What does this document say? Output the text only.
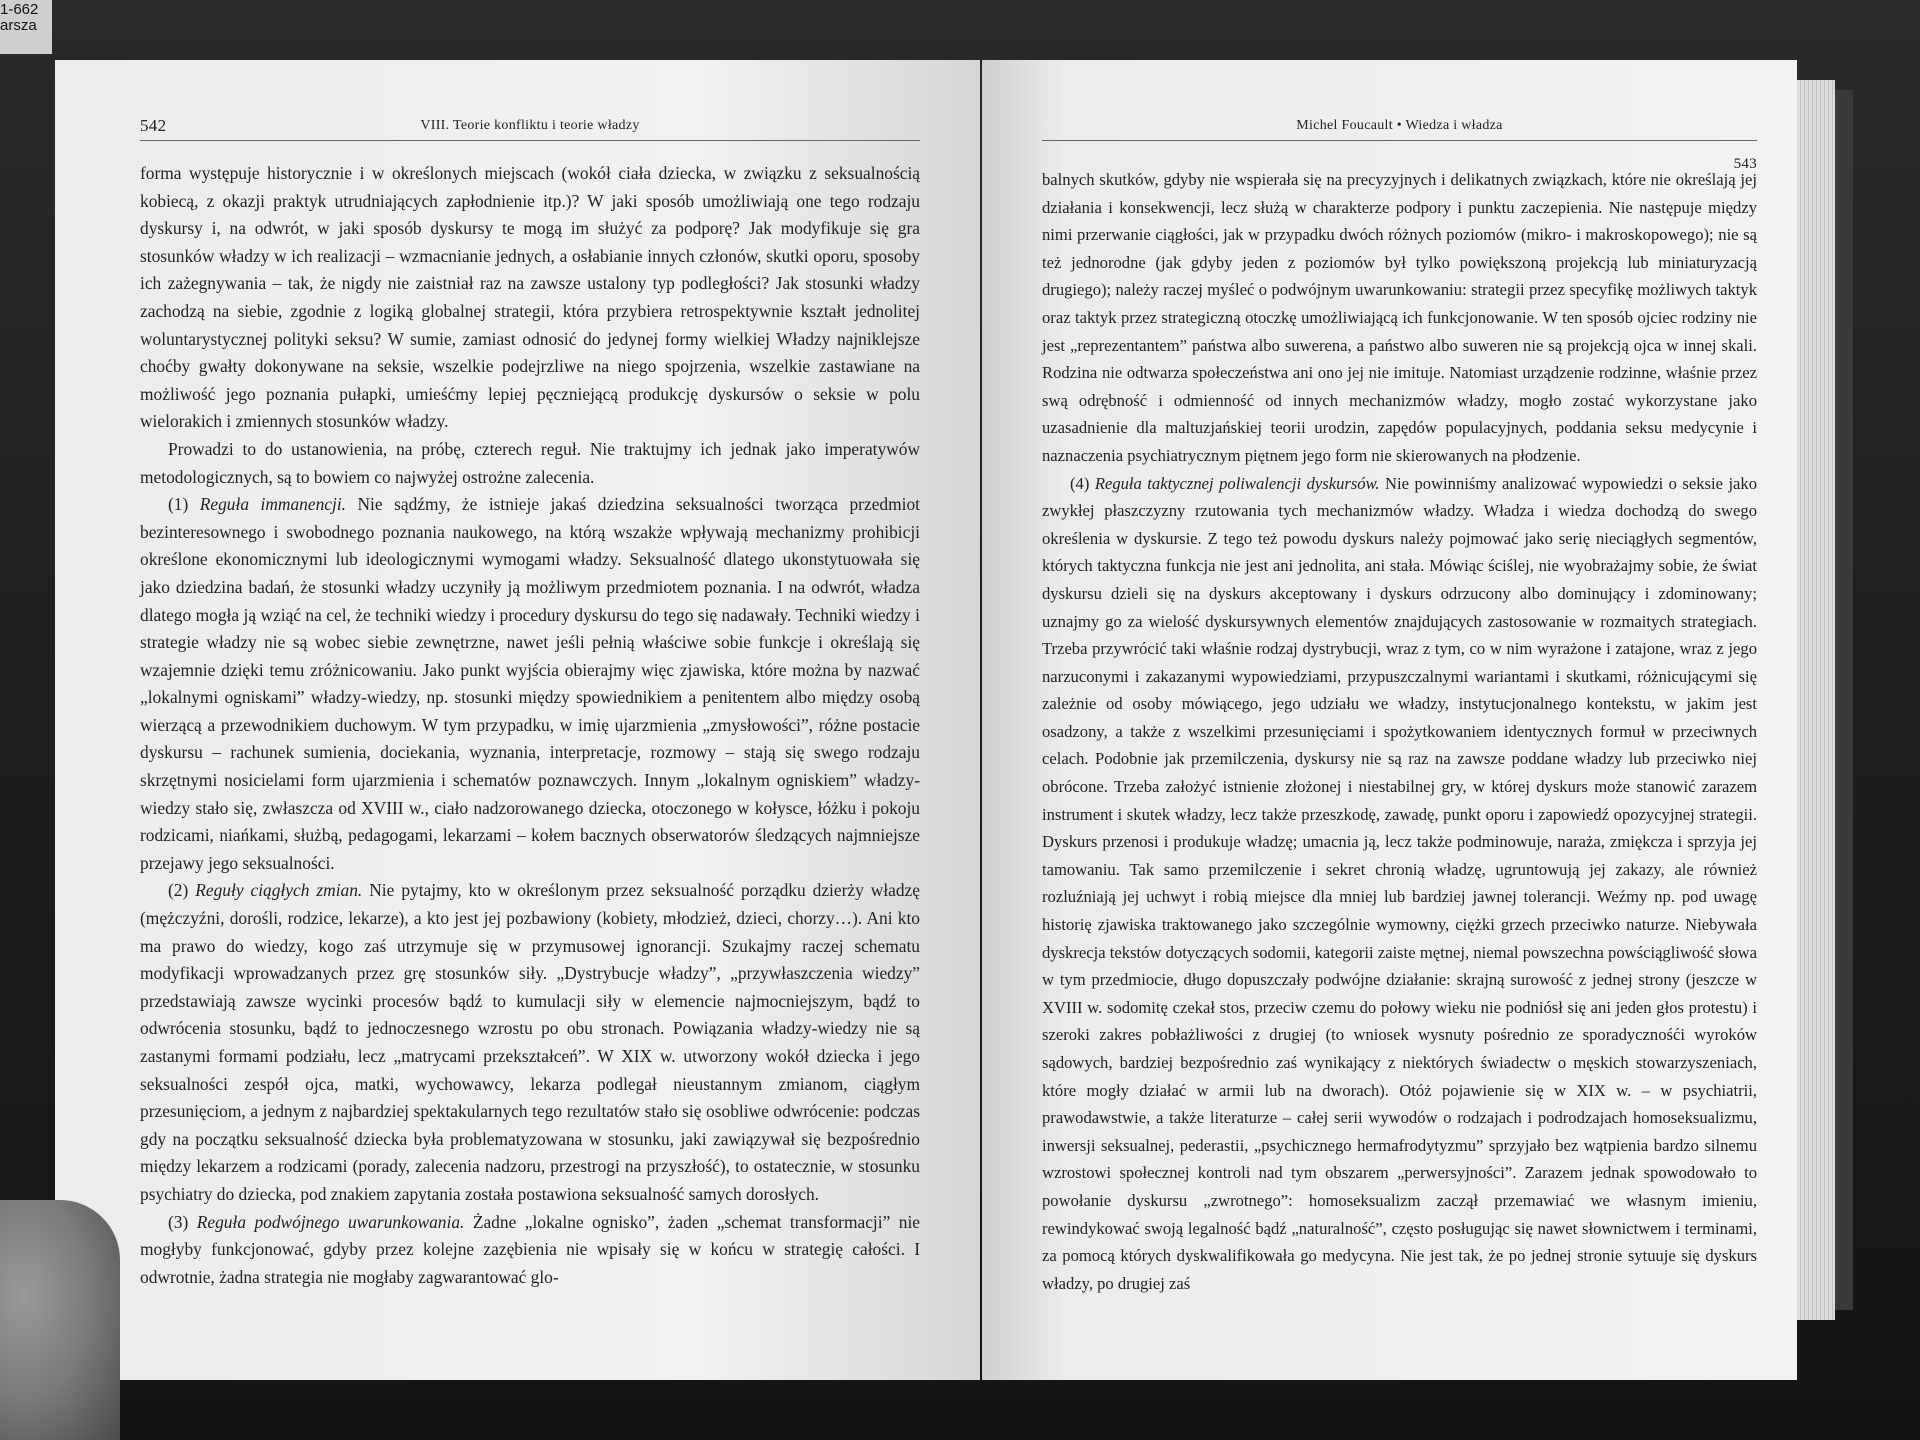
1-662
arsza
542	VIII. Teorie konfliktu i teorie władzy

forma występuje historycznie i w określonych miejscach (wokół ciała dziecka, w związku z seksualnością kobiecą, z okazji praktyk utrudniających zapłodnienie itp.)? W jaki sposób umożliwiają one tego rodzaju dyskursy i, na odwrót, w jaki sposób dyskursy te mogą im służyć za podporę? Jak modyfikuje się gra stosunków władzy w ich realizacji – wzmacnianie jednych, a osłabianie innych członów, skutki oporu, sposoby ich zażegnywania – tak, że nigdy nie zaistniał raz na zawsze ustalony typ podległości? Jak stosunki władzy zachodzą na siebie, zgodnie z logiką globalnej strategii, która przybiera retrospektywnie kształt jednolitej woluntarystycznej polityki seksu? W sumie, zamiast odnosić do jedynej formy wielkiej Władzy najniklejsze choćby gwałty dokonywane na seksie, wszelkie podejrzliwe na niego spojrzenia, wszelkie zastawiane na możliwość jego poznania pułapki, umieśćmy lepiej pęczniejącą produkcję dyskursów o seksie w polu wielorakich i zmiennych stosunków władzy.

Prowadzi to do ustanowienia, na próbę, czterech reguł. Nie traktujmy ich jednak jako imperatywów metodologicznych, są to bowiem co najwyżej ostrożne zalecenia.

(1) Reguła immanencji. Nie sądźmy, że istnieje jakaś dziedzina seksualności tworząca przedmiot bezinteresownego i swobodnego poznania naukowego, na którą wszakże wpływają mechanizmy prohibicji określone ekonomicznymi lub ideologicznymi wymogami władzy. Seksualność dlatego ukonstytuowała się jako dziedzina badań, że stosunki władzy uczyniły ją możliwym przedmiotem poznania. I na odwrót, władza dlatego mogła ją wziąć na cel, że techniki wiedzy i procedury dyskursu do tego się nadawały. Techniki wiedzy i strategie władzy nie są wobec siebie zewnętrzne, nawet jeśli pełnią właściwe sobie funkcje i określają się wzajemnie dzięki temu zróżnicowaniu. Jako punkt wyjścia obierajmy więc zjawiska, które można by nazwać „lokalnymi ogniskami” władzy-wiedzy, np. stosunki między spowiednikiem a penitentem albo między osobą wierzącą a przewodnikiem duchowym. W tym przypadku, w imię ujarzmienia „zmysłowości”, różne postacie dyskursu – rachunek sumienia, dociekania, wyznania, interpretacje, rozmowy – stają się swego rodzaju skrzętnymi nosicielami form ujarzmienia i schematów poznawczych. Innym „lokalnym ogniskiem” władzy-wiedzy stało się, zwłaszcza od XVIII w., ciało nadzorowanego dziecka, otoczonego w kołysce, łóżku i pokoju rodzicami, niańkami, służbą, pedagogami, lekarzami – kołem bacznych obserwatorów śledzących najmniejsze przejawy jego seksualności.

(2) Reguły ciągłych zmian. Nie pytajmy, kto w określonym przez seksualność porządku dzierży władzę (mężczyźni, dorośli, rodzice, lekarze), a kto jest jej pozbawiony (kobiety, młodzież, dzieci, chorzy…). Ani kto ma prawo do wiedzy, kogo zaś utrzymuje się w przymusowej ignorancji. Szukajmy raczej schematu modyfikacji wprowadzanych przez grę stosunków siły. „Dystrybucje władzy”, „przywłaszczenia wiedzy” przedstawiają zawsze wycinki procesów bądź to kumulacji siły w elemencie najmocniejszym, bądź to odwrócenia stosunku, bądź to jednoczesnego wzrostu po obu stronach. Powiązania władzy-wiedzy nie są zastanymi formami podziału, lecz „matrycami przekształceń”. W XIX w. utworzony wokół dziecka i jego seksualności zespół ojca, matki, wychowawcy, lekarza podlegał nieustannym zmianom, ciągłym przesunięciom, a jednym z najbardziej spektakularnych tego rezultatów stało się osobliwe odwrócenie: podczas gdy na początku seksualność dziecka była problematyzowana w stosunku, jaki zawiązywał się bezpośrednio między lekarzem a rodzicami (porady, zalecenia nadzoru, przestrogi na przyszłość), to ostatecznie, w stosunku psychiatry do dziecka, pod znakiem zapytania została postawiona seksualność samych dorosłych.

(3) Reguła podwójnego uwarunkowania. Żadne „lokalne ognisko”, żaden „schemat transformacji” nie mogłyby funkcjonować, gdyby przez kolejne zazębienia nie wpisały się w końcu w strategię całości. I odwrotnie, żadna strategia nie mogłaby zagwarantować glo-

Michel Foucault • Wiedza i władza
543

balnych skutków, gdyby nie wspierała się na precyzyjnych i delikatnych związkach, które nie określają jej działania i konsekwencji, lecz służą w charakterze podpory i punktu zaczepienia. Nie następuje między nimi przerwanie ciągłości, jak w przypadku dwóch różnych poziomów (mikro- i makroskopowego); nie są też jednorodne (jak gdyby jeden z poziomów był tylko powiększoną projekcją lub miniaturyzacją drugiego); należy raczej myśleć o podwójnym uwarunkowaniu: strategii przez specyfikę możliwych taktyk oraz taktyk przez strategiczną otoczkę umożliwiającą ich funkcjonowanie. W ten sposób ojciec rodziny nie jest „reprezentantem” państwa albo suwerena, a państwo albo suweren nie są projekcją ojca w innej skali. Rodzina nie odtwarza społeczeństwa ani ono jej nie imituje. Natomiast urządzenie rodzinne, właśnie przez swą odrębność i odmienność od innych mechanizmów władzy, mogło zostać wykorzystane jako uzasadnienie dla maltuzjańskiej teorii urodzin, zapędów populacyjnych, poddania seksu medycynie i naznaczenia psychiatrycznym piętnem jego form nie skierowanych na płodzenie.

(4) Reguła taktycznej poliwalencji dyskursów. Nie powinniśmy analizować wypowiedzi o seksie jako zwykłej płaszczyzny rzutowania tych mechanizmów władzy. Władza i wiedza dochodzą do swego określenia w dyskursie. Z tego też powodu dyskurs należy pojmować jako serię nieciągłych segmentów, których taktyczna funkcja nie jest ani jednolita, ani stała. Mówiąc ściślej, nie wyobrażajmy sobie, że świat dyskursu dzieli się na dyskurs akceptowany i dyskurs odrzucony albo dominujący i zdominowany; uznajmy go za wielość dyskursywnych elementów znajdujących zastosowanie w rozmaitych strategiach. Trzeba przywrócić taki właśnie rodzaj dystrybucji, wraz z tym, co w nim wyrażone i zatajone, wraz z jego narzuconymi i zakazanymi wypowiedziami, przypuszczalnymi wariantami i skutkami, różnicującymi się zależnie od osoby mówiącego, jego udziału we władzy, instytucjonalnego kontekstu, w jakim jest osadzony, a także z wszelkimi przesunięciami i spożytkowaniem identycznych formuł w przeciwnych celach. Podobnie jak przemilczenia, dyskursy nie są raz na zawsze poddane władzy lub przeciwko niej obrócone. Trzeba założyć istnienie złożonej i niestabilnej gry, w której dyskurs może stanowić zarazem instrument i skutek władzy, lecz także przeszkodę, zawadę, punkt oporu i zapowiedź opozycyjnej strategii. Dyskurs przenosi i produkuje władzę; umacnia ją, lecz także podminowuje, naraża, zmiękcza i sprzyja jej tamowaniu. Tak samo przemilczenie i sekret chronią władzę, ugruntowują jej zakazy, ale również rozluźniają jej uchwyt i robią miejsce dla mniej lub bardziej jawnej tolerancji. Weźmy np. pod uwagę historię zjawiska traktowanego jako szczególnie wymowny, ciężki grzech przeciwko naturze. Niebywała dyskrecja tekstów dotyczących sodomii, kategorii zaiste mętnej, niemal powszechna powściągliwość słowa w tym przedmiocie, długo dopuszczały podwójne działanie: skrajną surowość z jednej strony (jeszcze w XVIII w. sodomitę czekał stos, przeciw czemu do połowy wieku nie podniósł się ani jeden głos protestu) i szeroki zakres pobłażliwości z drugiej (to wniosek wysnuty pośrednio ze sporadycznośći wyroków sądowych, bardziej bezpośrednio zaś wynikający z niektórych świadectw o męskich stowarzyszeniach, które mogły działać w armii lub na dworach). Otóż pojawienie się w XIX w. – w psychiatrii, prawodawstwie, a także literaturze – całej serii wywodów o rodzajach i podrodzajach homoseksualizmu, inwersji seksualnej, pederastii, „psychicznego hermafrodytyzmu” sprzyjało bez wątpienia bardzo silnemu wzrostowi społecznej kontroli nad tym obszarem „perwersyjności”. Zarazem jednak spowodowało to powołanie dyskursu „zwrotnego”: homoseksualizm zaczął przemawiać we własnym imieniu, rewindykować swoją legalność bądź „naturalność”, często posługując się nawet słownictwem i terminami, za pomocą których dyskwalifikowała go medycyna. Nie jest tak, że po jednej stronie sytuuje się dyskurs władzy, po drugiej zaś
